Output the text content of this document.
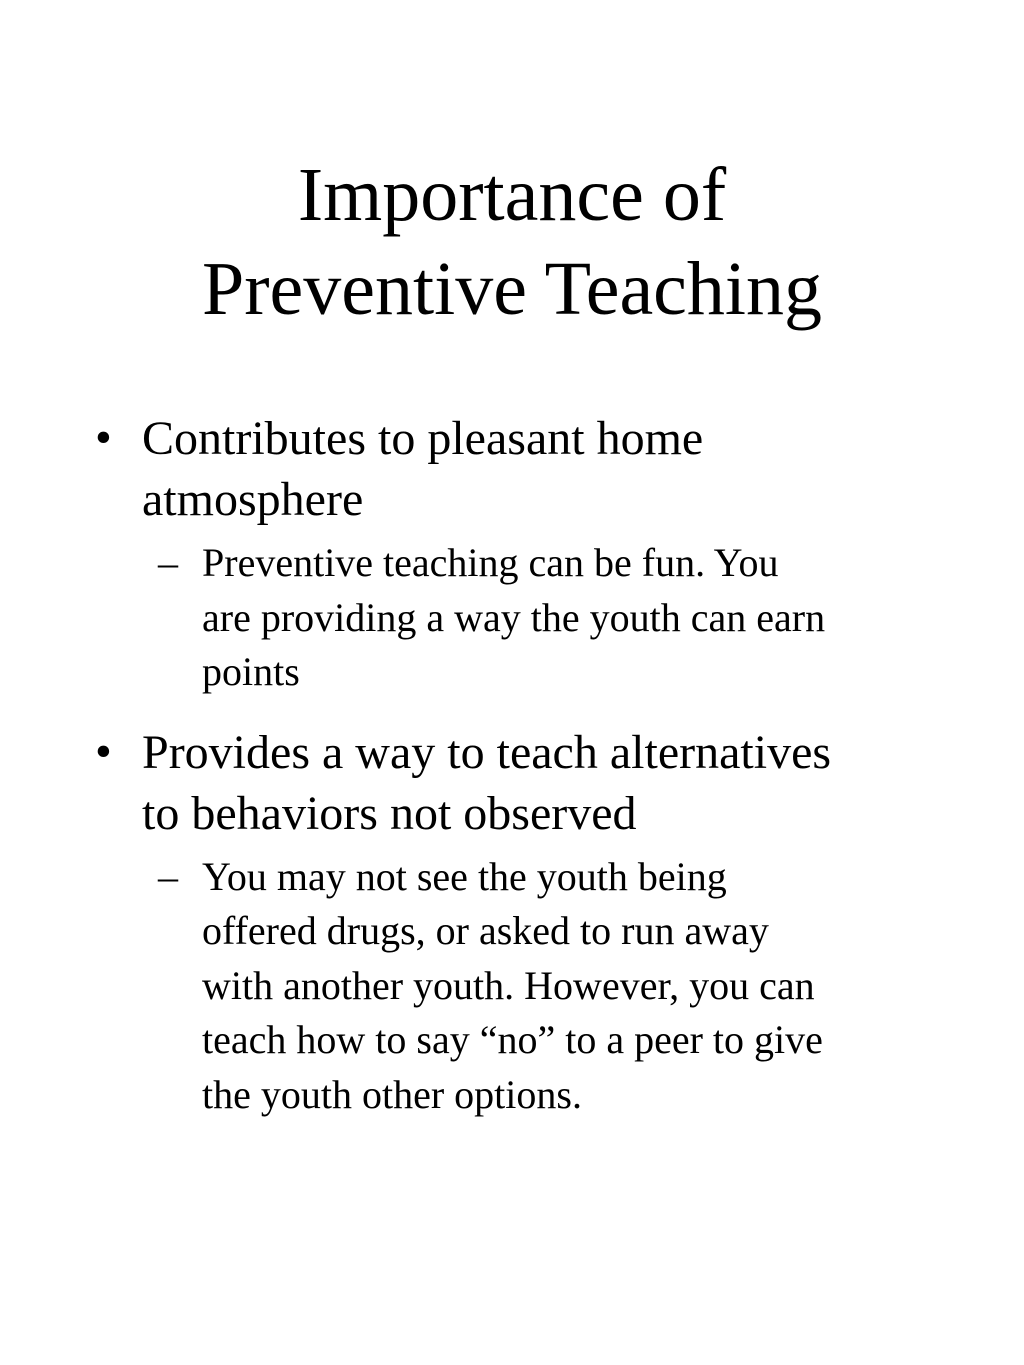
Importance of
Preventive Teaching
• Contributes to pleasant home
atmosphere
– Preventive teaching can be fun. You
are providing a way the youth can earn
points
• Provides a way to teach alternatives
to behaviors not observed
– You may not see the youth being
offered drugs, or asked to run away
with another youth. However, you can
teach how to say “no” to a peer to give
the youth other options.
